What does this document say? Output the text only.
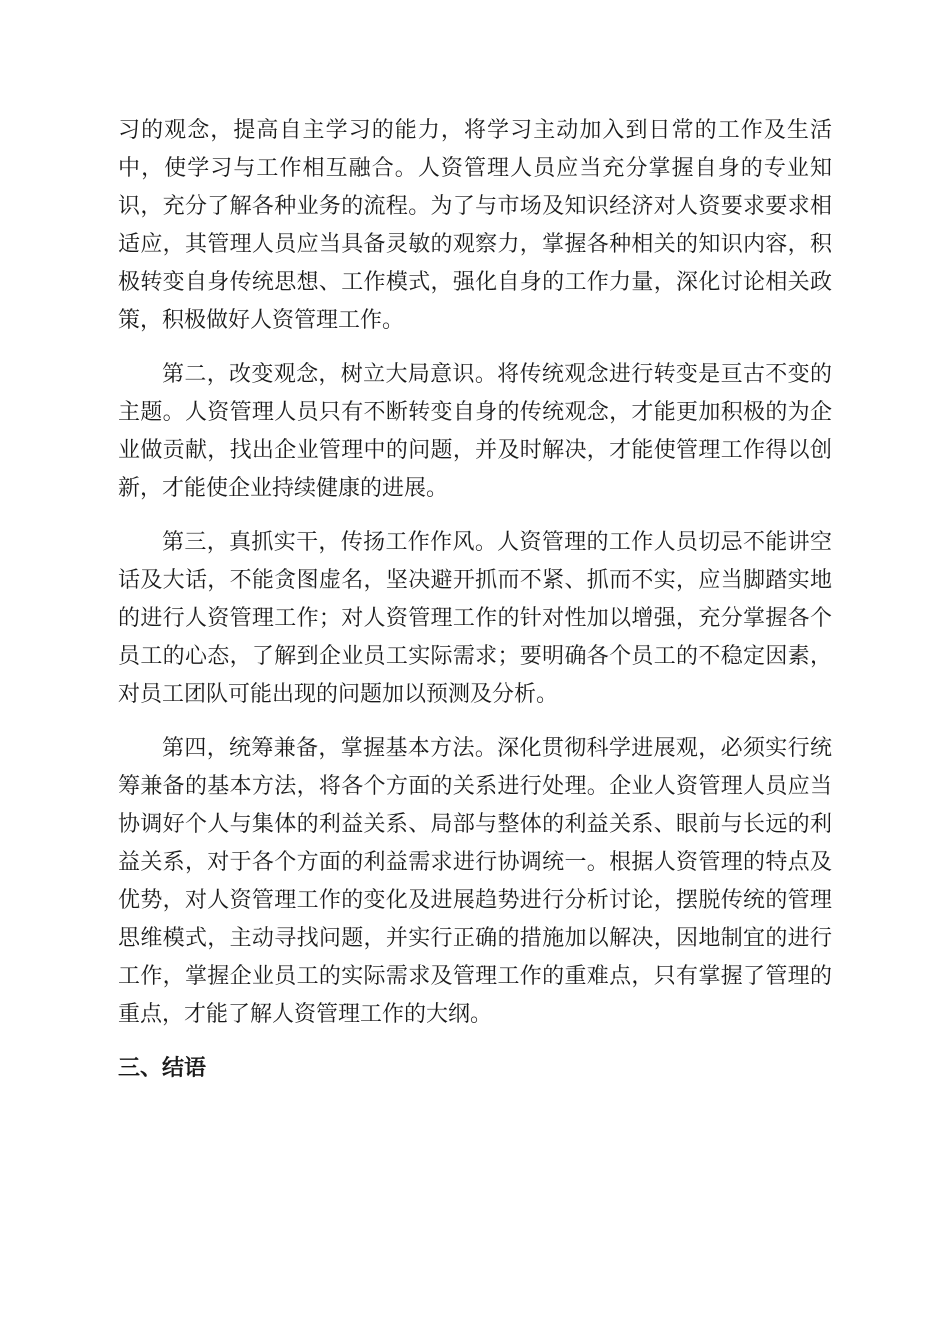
习的观念，提高自主学习的能力，将学习主动加入到日常的工作及生活中，使学习与工作相互融合。人资管理人员应当充分掌握自身的专业知识，充分了解各种业务的流程。为了与市场及知识经济对人资要求要求相适应，其管理人员应当具备灵敏的观察力，掌握各种相关的知识内容，积极转变自身传统思想、工作模式，强化自身的工作力量，深化讨论相关政策，积极做好人资管理工作。

第二，改变观念，树立大局意识。将传统观念进行转变是亘古不变的主题。人资管理人员只有不断转变自身的传统观念，才能更加积极的为企业做贡献，找出企业管理中的问题，并及时解决，才能使管理工作得以创新，才能使企业持续健康的进展。

第三，真抓实干，传扬工作作风。人资管理的工作人员切忌不能讲空话及大话，不能贪图虚名，坚决避开抓而不紧、抓而不实，应当脚踏实地的进行人资管理工作；对人资管理工作的针对性加以增强，充分掌握各个员工的心态，了解到企业员工实际需求；要明确各个员工的不稳定因素，对员工团队可能出现的问题加以预测及分析。

第四，统筹兼备，掌握基本方法。深化贯彻科学进展观，必须实行统筹兼备的基本方法，将各个方面的关系进行处理。企业人资管理人员应当协调好个人与集体的利益关系、局部与整体的利益关系、眼前与长远的利益关系，对于各个方面的利益需求进行协调统一。根据人资管理的特点及优势，对人资管理工作的变化及进展趋势进行分析讨论，摆脱传统的管理思维模式，主动寻找问题，并实行正确的措施加以解决，因地制宜的进行工作，掌握企业员工的实际需求及管理工作的重难点，只有掌握了管理的重点，才能了解人资管理工作的大纲。

三、结语
